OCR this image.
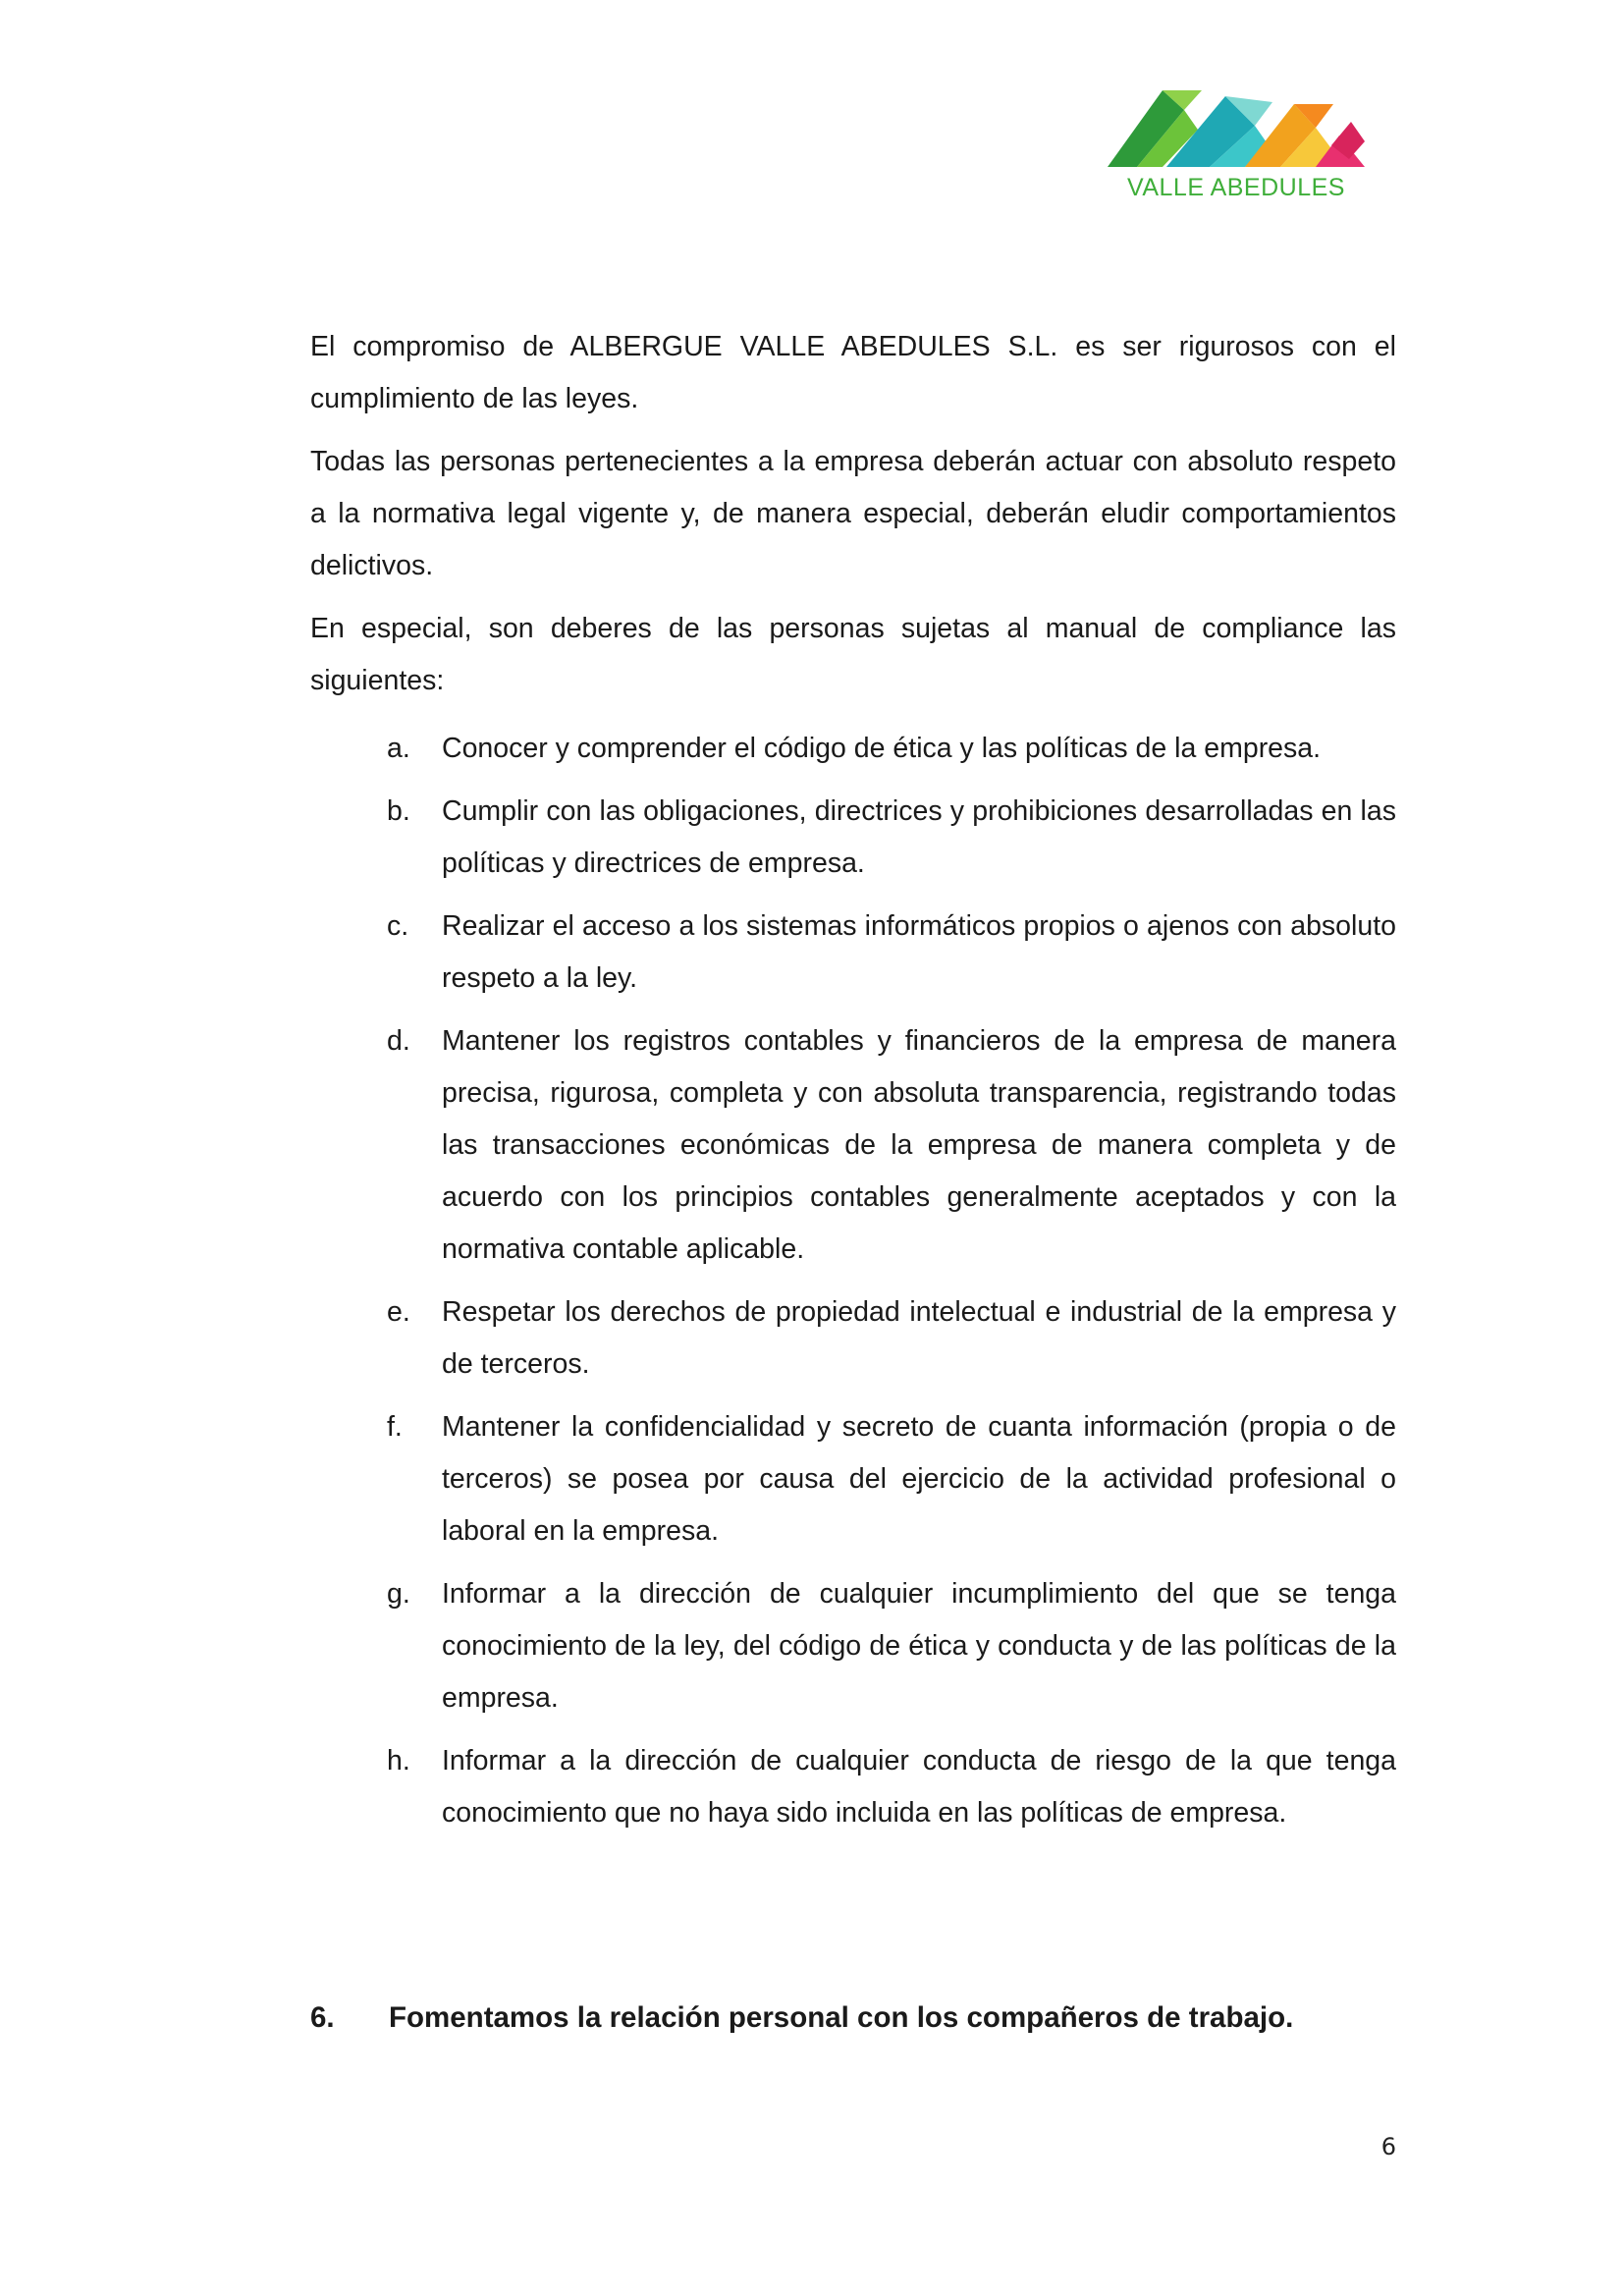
VALLE ABEDULES

El compromiso de ALBERGUE VALLE ABEDULES S.L. es ser rigurosos con el cumplimiento de las leyes.

Todas las personas pertenecientes a la empresa deberán actuar con absoluto respeto a la normativa legal vigente y, de manera especial, deberán eludir comportamientos delictivos.

En especial, son deberes de las personas sujetas al manual de compliance las siguientes:

a. Conocer y comprender el código de ética y las políticas de la empresa.
b. Cumplir con las obligaciones, directrices y prohibiciones desarrolladas en las políticas y directrices de empresa.
c. Realizar el acceso a los sistemas informáticos propios o ajenos con absoluto respeto a la ley.
d. Mantener los registros contables y financieros de la empresa de manera precisa, rigurosa, completa y con absoluta transparencia, registrando todas las transacciones económicas de la empresa de manera completa y de acuerdo con los principios contables generalmente aceptados y con la normativa contable aplicable.
e. Respetar los derechos de propiedad intelectual e industrial de la empresa y de terceros.
f. Mantener la confidencialidad y secreto de cuanta información (propia o de terceros) se posea por causa del ejercicio de la actividad profesional o laboral en la empresa.
g. Informar a la dirección de cualquier incumplimiento del que se tenga conocimiento de la ley, del código de ética y conducta y de las políticas de la empresa.
h. Informar a la dirección de cualquier conducta de riesgo de la que tenga conocimiento que no haya sido incluida en las políticas de empresa.
6. Fomentamos la relación personal con los compañeros de trabajo.
6
